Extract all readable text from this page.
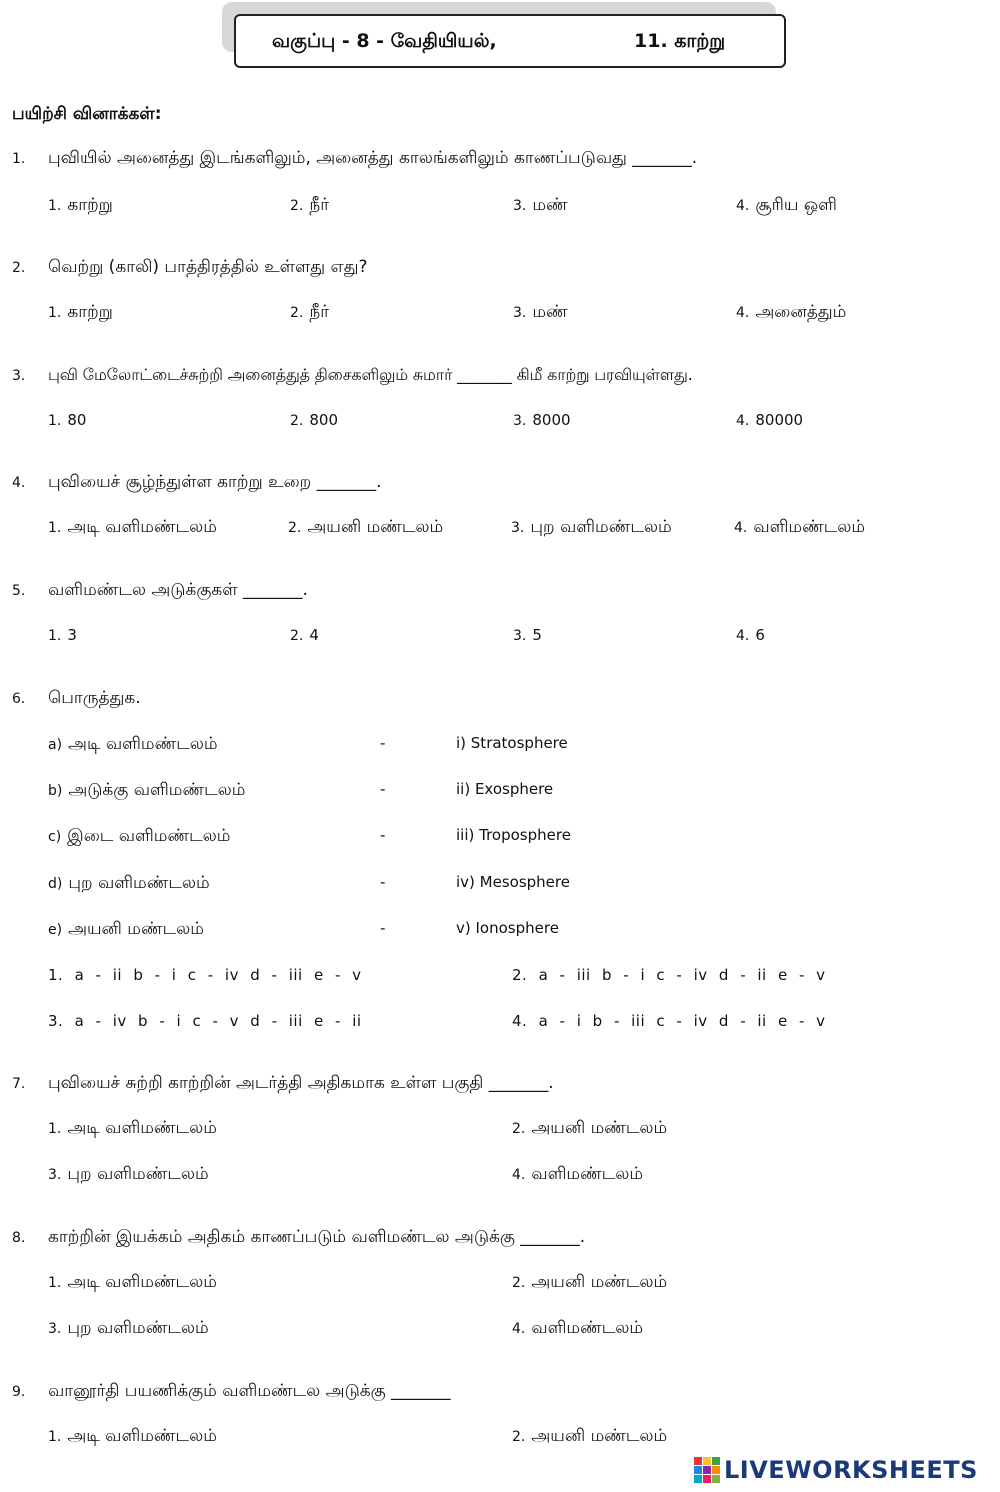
வகுப்பு - 8 - வேதியியல்,	11. காற்று
பயிற்சி வினாக்கள்:
1. புவியில் அனைத்து இடங்களிலும், அனைத்து காலங்களிலும் காணப்படுவது _______.
1. காற்று	2. நீர்	3. மண்	4. சூரிய ஒளி
2. வெற்று (காலி) பாத்திரத்தில் உள்ளது எது?
1. காற்று	2. நீர்	3. மண்	4. அனைத்தும்
3. புவி மேலோட்டைச்சுற்றி அனைத்துத் திசைகளிலும் சுமார் _______ கிமீ காற்று பரவியுள்ளது.
1. 80	2. 800	3. 8000	4. 80000
4. புவியைச் சூழ்ந்துள்ள காற்று உறை _______.
1. அடி வளிமண்டலம்	2. அயனி மண்டலம்	3. புற வளிமண்டலம்	4. வளிமண்டலம்
5. வளிமண்டல அடுக்குகள் _______.
1. 3	2. 4	3. 5	4. 6
6. பொருத்துக.
a) அடி வளிமண்டலம்	-	i) Stratosphere
b) அடுக்கு வளிமண்டலம்	-	ii) Exosphere
c) இடை வளிமண்டலம்	-	iii) Troposphere
d) புற வளிமண்டலம்	-	iv) Mesosphere
e) அயனி மண்டலம்	-	v) Ionosphere
1. a - ii b - i c - iv d - iii e - v	2. a - iii b - i c - iv d - ii e - v
3. a - iv b - i c - v d - iii e - ii	4. a - i b - iii c - iv d - ii e - v
7. புவியைச் சுற்றி காற்றின் அடர்த்தி அதிகமாக உள்ள பகுதி _______.
1. அடி வளிமண்டலம்	2. அயனி மண்டலம்
3. புற வளிமண்டலம்	4. வளிமண்டலம்
8. காற்றின் இயக்கம் அதிகம் காணப்படும் வளிமண்டல அடுக்கு _______.
1. அடி வளிமண்டலம்	2. அயனி மண்டலம்
3. புற வளிமண்டலம்	4. வளிமண்டலம்
9. வானூர்தி பயணிக்கும் வளிமண்டல அடுக்கு _______
1. அடி வளிமண்டலம்	2. அயனி மண்டலம்
LIVEWORKSHEETS
